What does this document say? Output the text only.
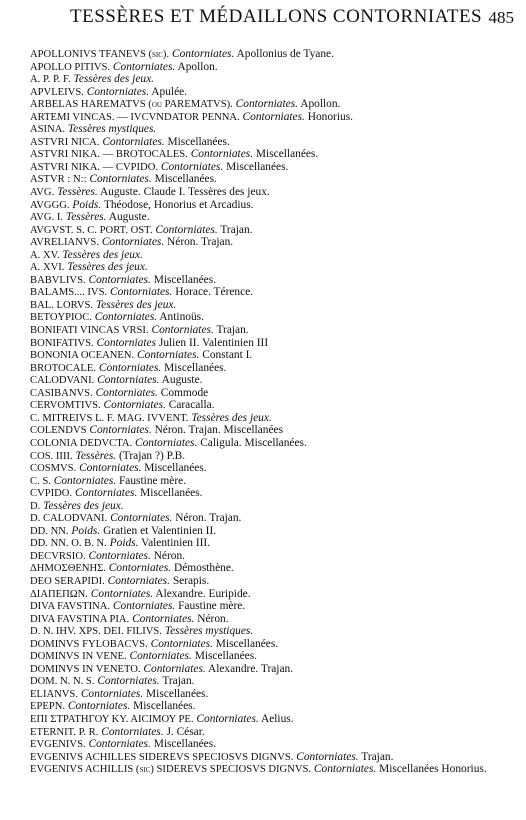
TESSÈRES ET MÉDAILLONS CONTORNIATES 485
APOLLONIVS TFANEVS (sic). Contorniates. Apollonius de Tyane.
APOLLO PITIVS. Contorniates. Apollon.
A. P. P. F. Tessères des jeux.
APVLEIVS. Contorniates. Apulée.
ARBELAS HAREMATVS (ou PAREMATVS). Contorniates. Apollon.
ARTEMI VINCAS. — IVCVNDATOR PENNA. Contorniates. Honorius.
ASINA. Tessères mystiques.
ASTVRI NICA. Contorniates. Miscellanées.
ASTVRI NIKA. — BROTOCALES. Contorniates. Miscellanées.
ASTVRI NIKA. — CVPIDO. Contorniates. Miscellanées.
ASTVR : N:: Contorniates. Miscellanées.
AVG. Tessères. Auguste. Claude I. Tessères des jeux.
AVGGG. Poids. Théodose, Honorius et Arcadius.
AVG. I. Tessères. Auguste.
AVGVST. S. C. PORT. OST. Contorniates. Trajan.
AVRELIANVS. Contorniates. Néron. Trajan.
A. XV. Tessères des jeux.
A. XVI. Tessères des jeux.
BABVLIVS. Contorniates. Miscellanées.
BALAMS.... IVS. Contorniates. Horace. Térence.
BAL. LORVS. Tessères des jeux.
BETOYPIOC. Contorniates. Antinoüs.
BONIFATI VINCAS VRSI. Contorniates. Trajan.
BONIFATIVS. Contorniates Julien II. Valentinien III
BONONIA OCEANEN. Contorniates. Constant I.
BROTOCALE. Contorniates. Miscellanées.
CALODVANI. Contorniates. Auguste.
CASIBANVS. Contorniates. Commode
CERVOMTIVS. Contorniates. Caracalla.
C. MITREIVS L. F. MAG. IVVENT. Tessères des jeux.
COLENDVS Contorniates. Néron. Trajan. Miscellanées
COLONIA DEDVCTA. Contorniates. Caligula. Miscellanées.
COS. IIII. Tessères. (Trajan ?) P.B.
COSMVS. Contorniates. Miscellanées.
C. S. Contorniates. Faustine mère.
CVPIDO. Contorniates. Miscellanées.
D. Tessères des jeux.
D. CALODVANI. Contorniates. Néron. Trajan.
DD. NN. Poids. Gratien et Valentinien II.
DD. NN. O. B. N. Poids. Valentinien III.
DECVRSIO. Contorniates. Néron.
ΔΗΜΟΣΘΕΝΗΣ. Contorniates. Démosthène.
DEO SERAPIDI. Contorniates. Serapis.
ΔΙΑΠΕΠΩΝ. Contorniates. Alexandre. Euripide.
DIVA FAVSTINA. Contorniates. Faustine mère.
DIVA FAVSTINA PIA. Contorniates. Néron.
D. N. IHV. XPS. DEI. FILIVS. Tessères mystiques.
DOMINVS FYLOBACVS. Contorniates. Miscellanées.
DOMINVS IN VENE. Contorniates. Miscellanées.
DOMINVS IN VENETO. Contorniates. Alexandre. Trajan.
DOM. N. N. S. Contorniates. Trajan.
ELIANVS. Contorniates. Miscellanées.
EPEPN. Contorniates. Miscellanées.
ΕΠΙ ΣΤΡΑΤΗΓΟΥ ΚΥ. ΑΙCΙΜΟΥ ΡΕ. Contorniates. Aelius.
ETERNIT. P. R. Contorniates. J. César.
EVGENIVS. Contorniates. Miscellanées.
EVGENIVS ACHILLES SIDEREVS SPECIOSVS DIGNVS. Contorniates. Trajan.
EVGENIVS ACHILLIS (sic) SIDEREVS SPECIOSVS DIGNVS. Contorniates. Miscellanées Honorius.
